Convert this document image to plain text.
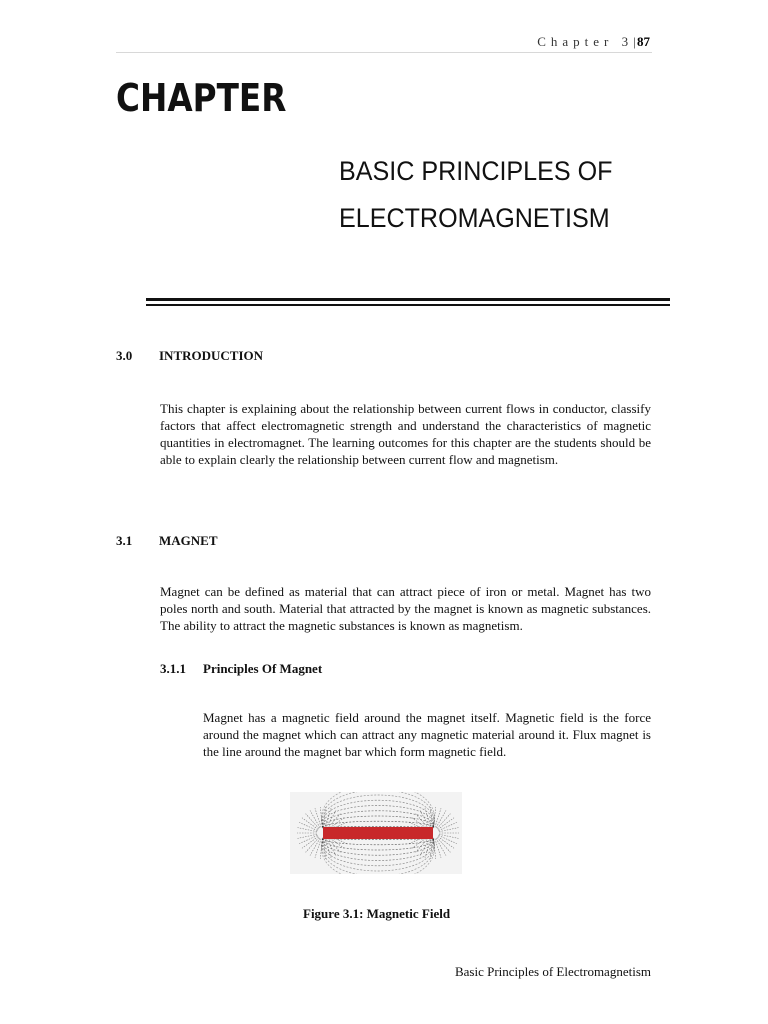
Chapter 3 |87
CHAPTER
BASIC PRINCIPLES OF
ELECTROMAGNETISM
3.0 INTRODUCTION

This chapter is explaining about the relationship between current flows in conductor, classify factors that affect electromagnetic strength and understand the characteristics of magnetic quantities in electromagnet. The learning outcomes for this chapter are the students should be able to explain clearly the relationship between current flow and magnetism.

3.1 MAGNET

Magnet can be defined as material that can attract piece of iron or metal. Magnet has two poles north and south. Material that attracted by the magnet is known as magnetic substances. The ability to attract the magnetic substances is known as magnetism.

3.1.1 Principles Of Magnet

Magnet has a magnetic field around the magnet itself. Magnetic field is the force around the magnet which can attract any magnetic material around it. Flux magnet is the line around the magnet bar which form magnetic field.

Figure 3.1: Magnetic Field
Basic Principles of Electromagnetism
